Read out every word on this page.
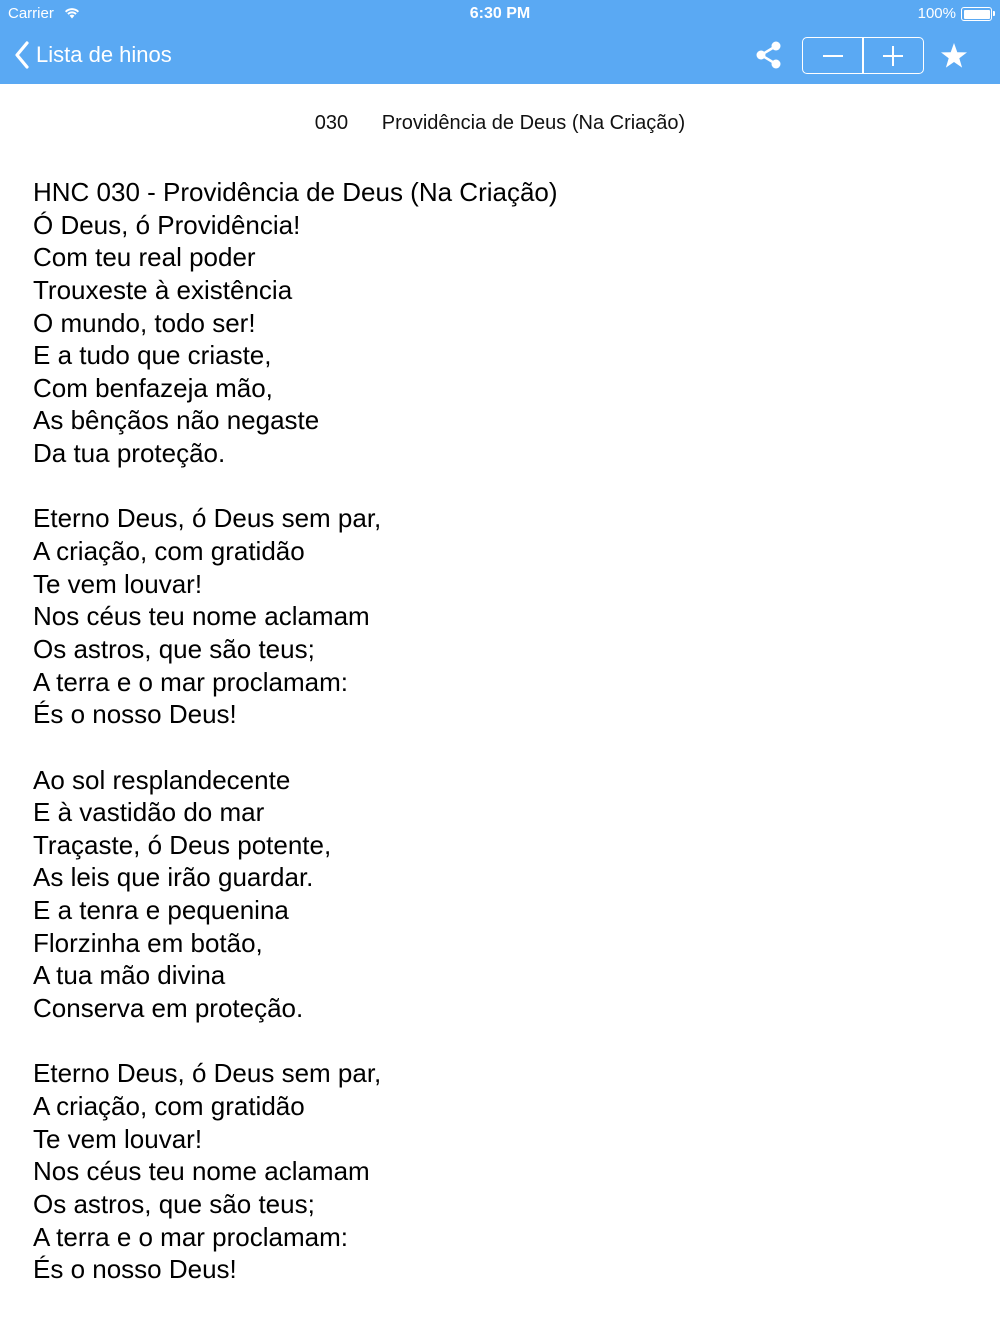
Carrier	6:30 PM	100%
Lista de hinos
030 Providência de Deus (Na Criação)
HNC 030 - Providência de Deus (Na Criação)
Ó Deus, ó Providência!
Com teu real poder
Trouxeste à existência
O mundo, todo ser!
E a tudo que criaste,
Com benfazeja mão,
As bênçãos não negaste
Da tua proteção.
Eterno Deus, ó Deus sem par,
A criação, com gratidão
Te vem louvar!
Nos céus teu nome aclamam
Os astros, que são teus;
A terra e o mar proclamam:
És o nosso Deus!
Ao sol resplandecente
E à vastidão do mar
Traçaste, ó Deus potente,
As leis que irão guardar.
E a tenra e pequenina
Florzinha em botão,
A tua mão divina
Conserva em proteção.
Eterno Deus, ó Deus sem par,
A criação, com gratidão
Te vem louvar!
Nos céus teu nome aclamam
Os astros, que são teus;
A terra e o mar proclamam:
És o nosso Deus!
